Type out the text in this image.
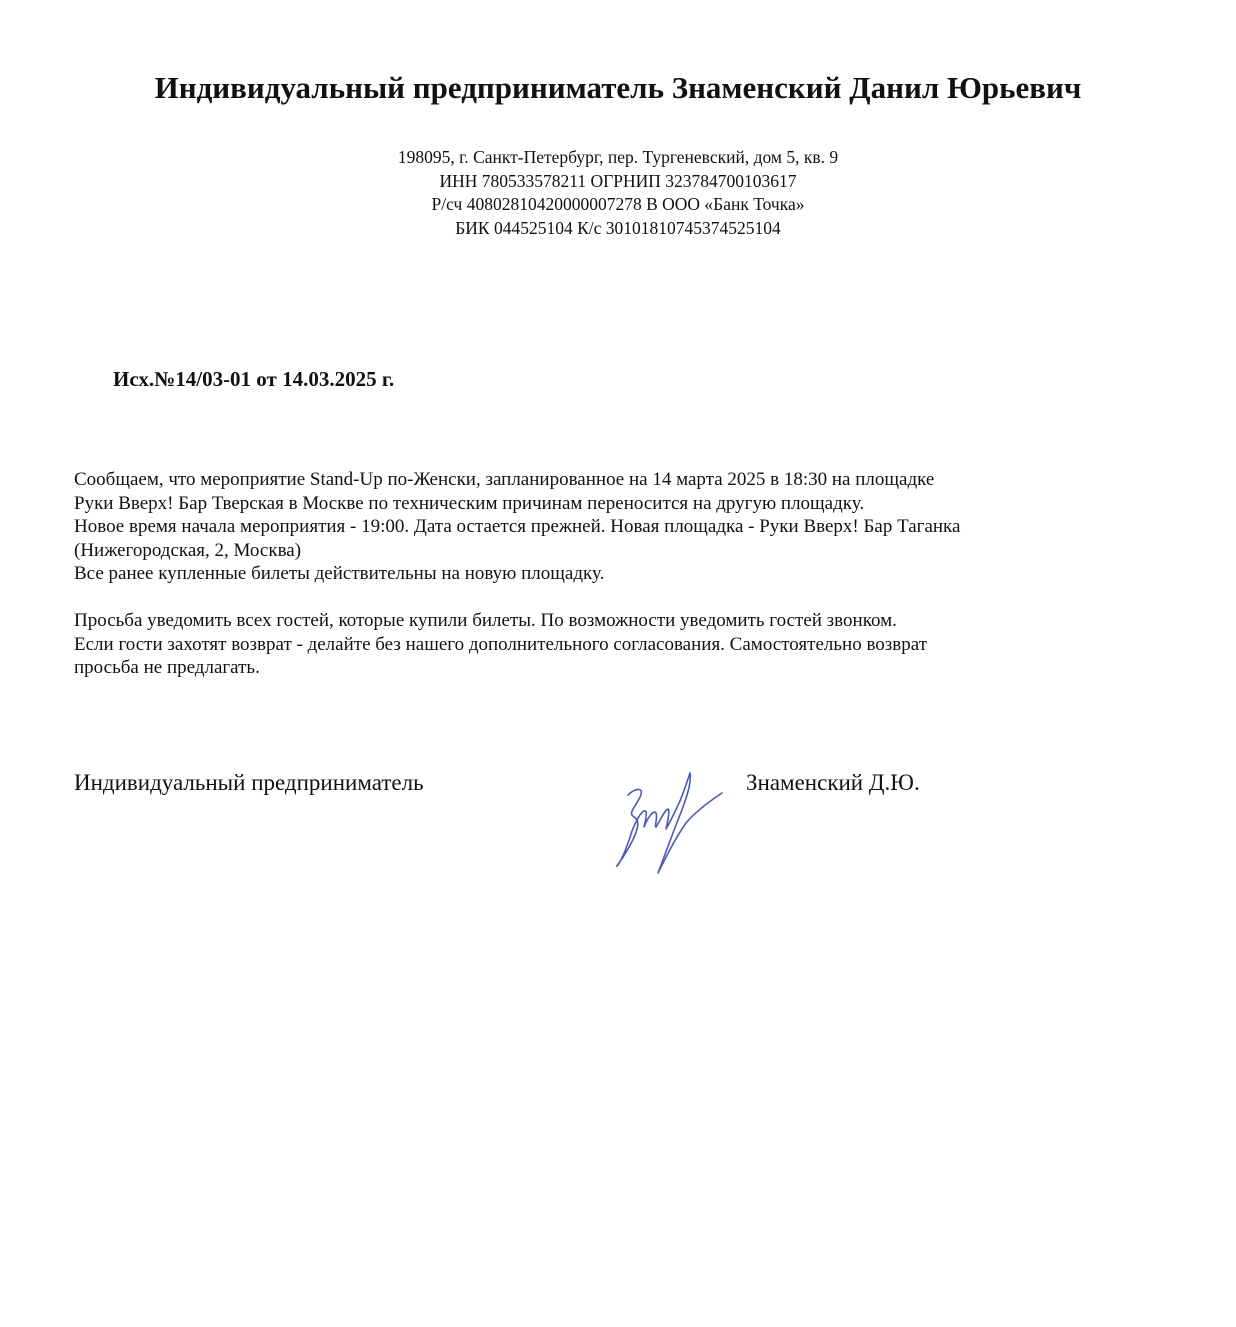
Индивидуальный предприниматель Знаменский Данил Юрьевич
198095, г. Санкт-Петербург, пер. Тургеневский, дом 5, кв. 9
ИНН 780533578211 ОГРНИП 323784700103617
Р/сч 40802810420000007278 В ООО «Банк Точка»
БИК 044525104 К/с 30101810745374525104
Исх.№14/03-01 от 14.03.2025 г.
Сообщаем, что мероприятие Stand-Up по-Женски, запланированное на 14 марта 2025 в 18:30 на площадке
Руки Вверх! Бар Тверская в Москве по техническим причинам переносится на другую площадку.
Новое время начала мероприятия - 19:00. Дата остается прежней. Новая площадка - Руки Вверх! Бар Таганка
(Нижегородская, 2, Москва)
Все ранее купленные билеты действительны на новую площадку.
Просьба уведомить всех гостей, которые купили билеты. По возможности уведомить гостей звонком.
Если гости захотят возврат - делайте без нашего дополнительного согласования. Самостоятельно возврат
просьба не предлагать.
Индивидуальный предприниматель	Знаменский Д.Ю.
